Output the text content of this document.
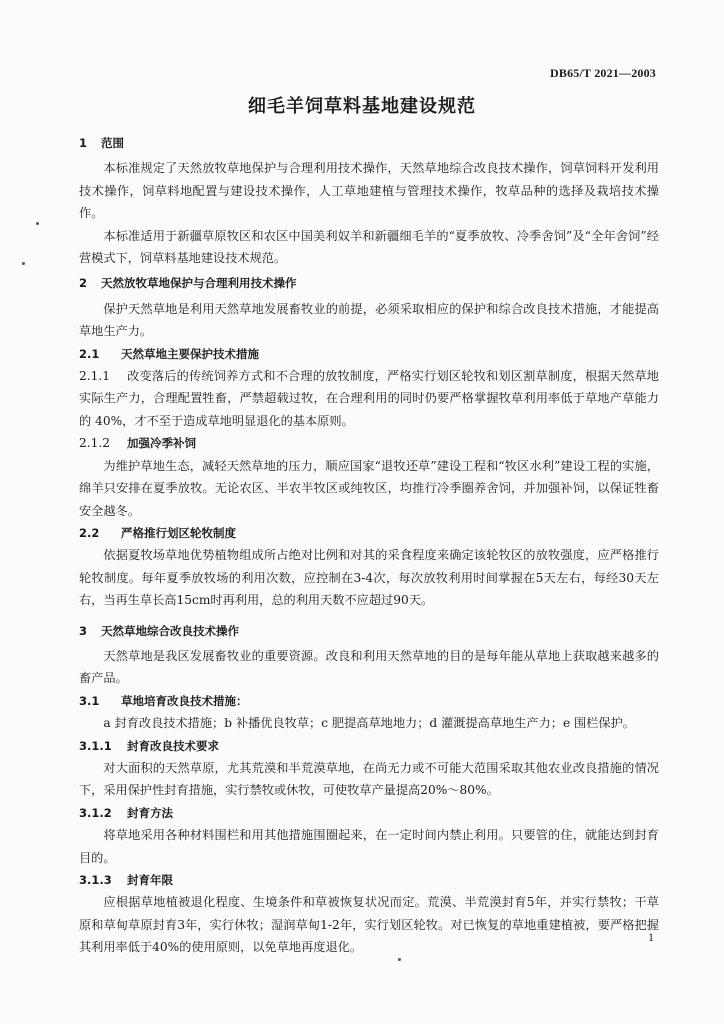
DB65/T 2021—2003
细毛羊饲草料基地建设规范
1 范围

本标准规定了天然放牧草地保护与合理利用技术操作，天然草地综合改良技术操作，饲草饲料开发利用技术操作，饲草料地配置与建设技术操作，人工草地建植与管理技术操作，牧草品种的选择及栽培技术操作。

本标准适用于新疆草原牧区和农区中国美利奴羊和新疆细毛羊的“夏季放牧、冷季舍饲”及“全年舍饲”经营模式下，饲草料基地建设技术规范。

2 天然放牧草地保护与合理利用技术操作

保护天然草地是利用天然草地发展畜牧业的前提，必须采取相应的保护和综合改良技术措施，才能提高草地生产力。

2.1 天然草地主要保护技术措施

2.1.1 改变落后的传统饲养方式和不合理的放牧制度，严格实行划区轮牧和划区割草制度，根据天然草地实际生产力，合理配置牲畜，严禁超载过牧，在合理利用的同时仍要严格掌握牧草利用率低于草地产草能力的 40%，才不至于造成草地明显退化的基本原则。

2.1.2 加强冷季补饲

为维护草地生态，减轻天然草地的压力，顺应国家“退牧还草”建设工程和“牧区水利”建设工程的实施，绵羊只安排在夏季放牧。无论农区、半农半牧区或纯牧区，均推行冷季圈养舍饲，并加强补饲，以保证牲畜安全越冬。

2.2 严格推行划区轮牧制度

依据夏牧场草地优势植物组成所占绝对比例和对其的采食程度来确定该轮牧区的放牧强度，应严格推行轮牧制度。每年夏季放牧场的利用次数，应控制在3-4次，每次放牧利用时间掌握在5天左右，每经30天左右，当再生草长高15cm时再利用，总的利用天数不应超过90天。

3 天然草地综合改良技术操作

天然草地是我区发展畜牧业的重要资源。改良和利用天然草地的目的是每年能从草地上获取越来越多的畜产品。

3.1 草地培育改良技术措施：

a 封育改良技术措施；b 补播优良牧草；c 肥提高草地地力；d 灌溉提高草地生产力；e 围栏保护。

3.1.1 封育改良技术要求

对大面积的天然草原，尤其荒漠和半荒漠草地，在尚无力或不可能大范围采取其他农业改良措施的情况下，采用保护性封育措施，实行禁牧或休牧，可使牧草产量提高20%～80%。

3.1.2 封育方法

将草地采用各种材料围栏和用其他措施围圈起来，在一定时间内禁止利用。只要管的住，就能达到封育目的。

3.1.3 封育年限

应根据草地植被退化程度、生境条件和草被恢复状况而定。荒漠、半荒漠封育5年，并实行禁牧；干草原和草甸草原封育3年，实行休牧；湿润草甸1-2年，实行划区轮牧。对已恢复的草地重建植被，要严格把握其利用率低于40%的使用原则，以免草地再度退化。

1
